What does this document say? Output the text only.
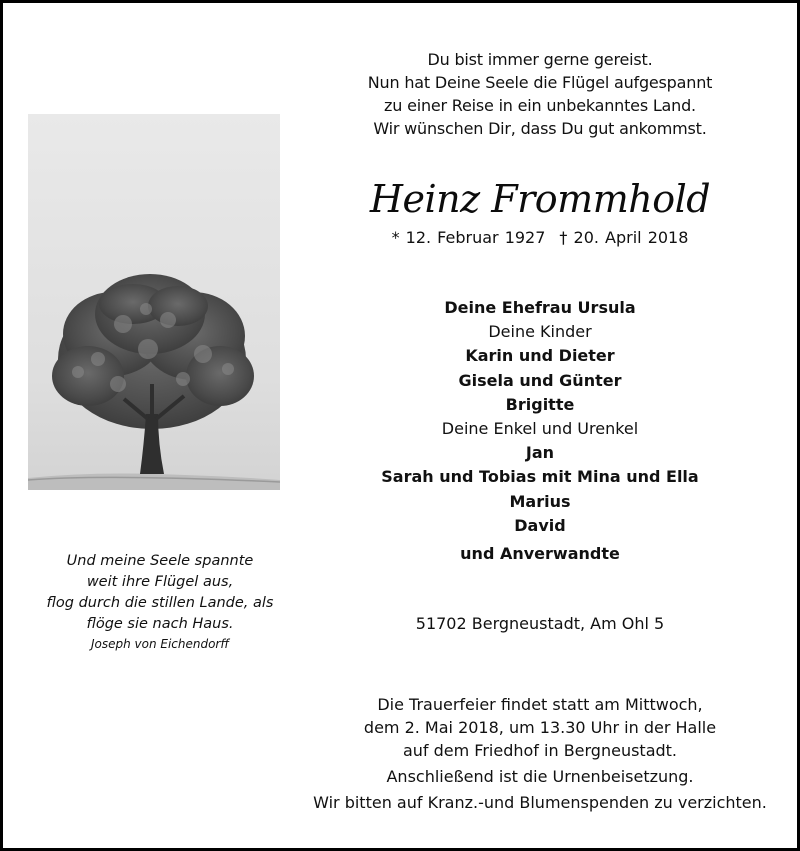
Du bist immer gerne gereist.
Nun hat Deine Seele die Flügel aufgespannt
zu einer Reise in ein unbekanntes Land.
Wir wünschen Dir, dass Du gut ankommst.
Heinz Frommhold
* 12. Februar 1927 † 20. April 2018
Deine Ehefrau Ursula
Deine Kinder
Karin und Dieter
Gisela und Günter
Brigitte
Deine Enkel und Urenkel
Jan
Sarah und Tobias mit Mina und Ella
Marius
David
und Anverwandte
51702 Bergneustadt, Am Ohl 5
Die Trauerfeier findet statt am Mittwoch,
dem 2. Mai 2018, um 13.30 Uhr in der Halle
auf dem Friedhof in Bergneustadt.
Anschließend ist die Urnenbeisetzung.
Wir bitten auf Kranz.-und Blumenspenden zu verzichten.
Und meine Seele spannte
weit ihre Flügel aus,
flog durch die stillen Lande, als
flöge sie nach Haus.
Joseph von Eichendorff
